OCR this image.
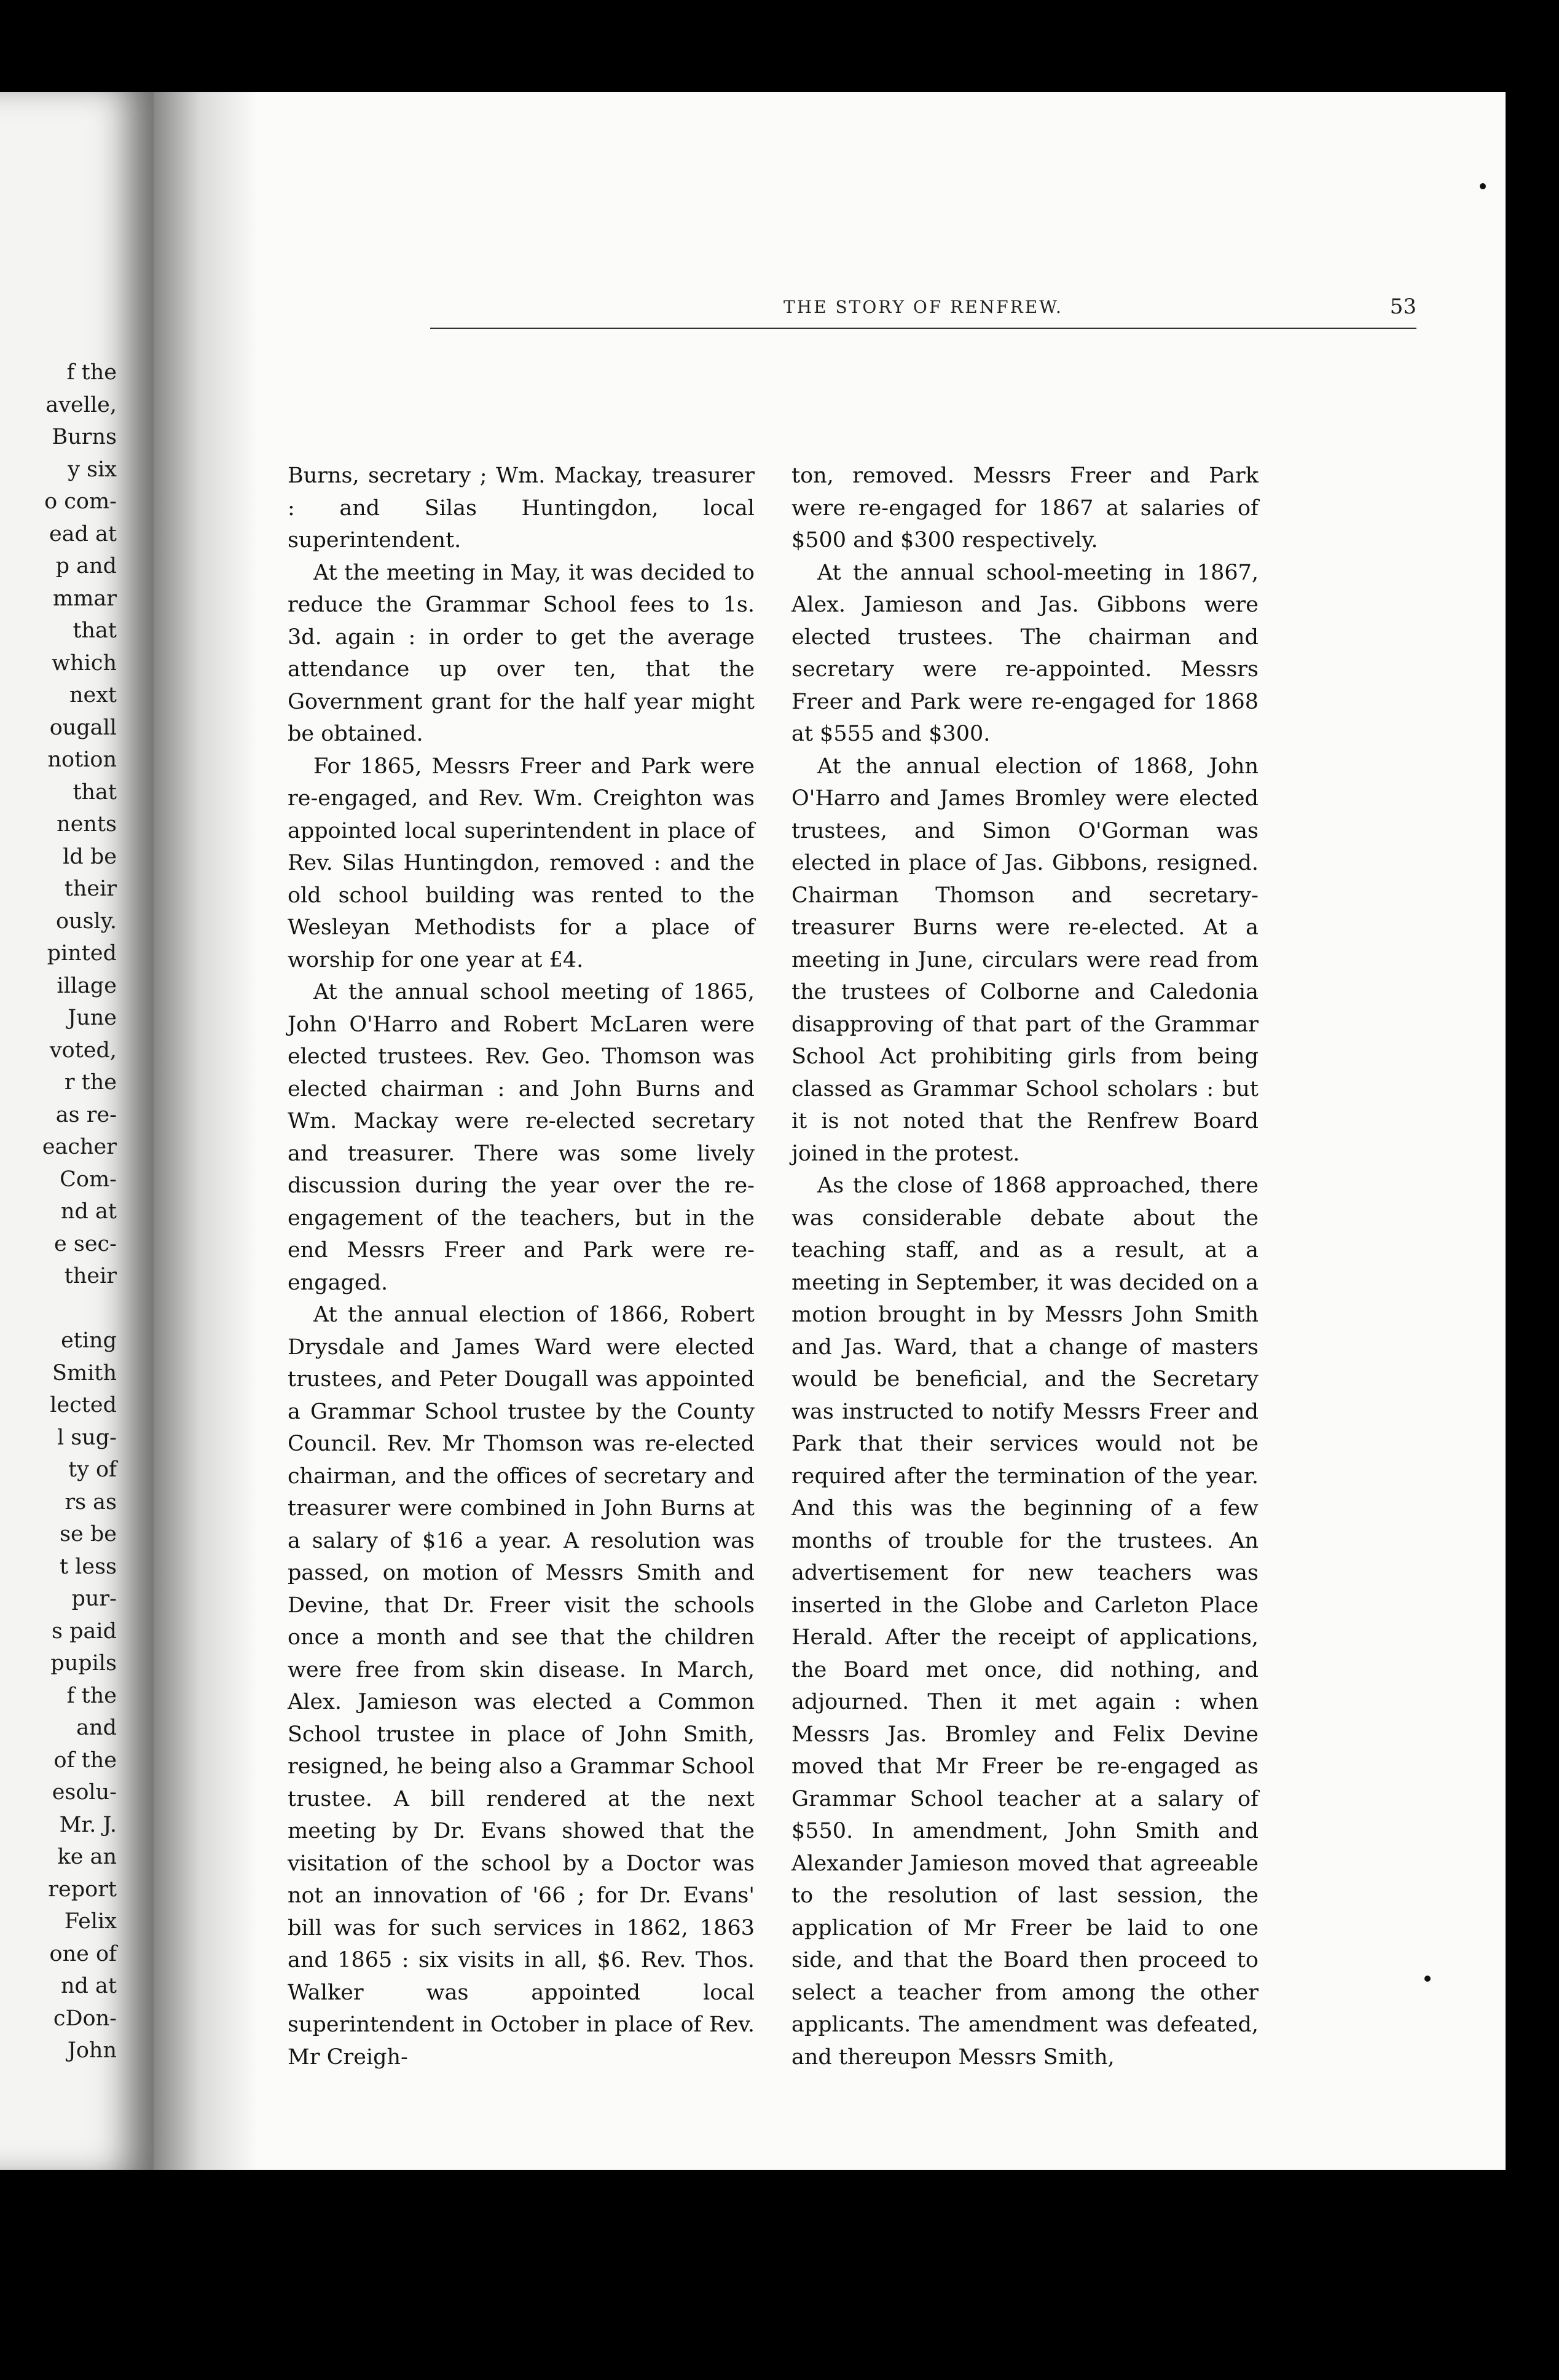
f the
avelle,
Burns
y six
o com-
ead at
p and
mmar
that
which
next
ougall
notion
that
nents
ld be
their
ously.
pinted
illage
June
voted,
r the
as re-
eacher
Com-
nd at
e sec-
their
eting
Smith
lected
l sug-
ty of
rs as
se be
t less
pur-
s paid
pupils
f the
and
of the
esolu-
Mr. J.
ke an
report
Felix
one of
nd at
cDon-
John
THE STORY OF RENFREW.	53

Burns, secretary ; Wm. Mackay, treasurer : and Silas Huntingdon, local superintendent.

At the meeting in May, it was decided to reduce the Grammar School fees to 1s. 3d. again : in order to get the average attendance up over ten, that the Government grant for the half year might be obtained.

For 1865, Messrs Freer and Park were re-engaged, and Rev. Wm. Creighton was appointed local superintendent in place of Rev. Silas Huntingdon, removed : and the old school building was rented to the Wesleyan Methodists for a place of worship for one year at £4.

At the annual school meeting of 1865, John O'Harro and Robert McLaren were elected trustees. Rev. Geo. Thomson was elected chairman : and John Burns and Wm. Mackay were re-elected secretary and treasurer. There was some lively discussion during the year over the re-engagement of the teachers, but in the end Messrs Freer and Park were re-engaged.

At the annual election of 1866, Robert Drysdale and James Ward were elected trustees, and Peter Dougall was appointed a Grammar School trustee by the County Council. Rev. Mr Thomson was re-elected chairman, and the offices of secretary and treasurer were combined in John Burns at a salary of $16 a year. A resolution was passed, on motion of Messrs Smith and Devine, that Dr. Freer visit the schools once a month and see that the children were free from skin disease. In March, Alex. Jamieson was elected a Common School trustee in place of John Smith, resigned, he being also a Grammar School trustee. A bill rendered at the next meeting by Dr. Evans showed that the visitation of the school by a Doctor was not an innovation of '66 ; for Dr. Evans' bill was for such services in 1862, 1863 and 1865 : six visits in all, $6. Rev. Thos. Walker was appointed local superintendent in October in place of Rev. Mr Creigh-

ton, removed. Messrs Freer and Park were re-engaged for 1867 at salaries of $500 and $300 respectively.

At the annual school-meeting in 1867, Alex. Jamieson and Jas. Gibbons were elected trustees. The chairman and secretary were re-appointed. Messrs Freer and Park were re-engaged for 1868 at $555 and $300.

At the annual election of 1868, John O'Harro and James Bromley were elected trustees, and Simon O'Gorman was elected in place of Jas. Gibbons, resigned. Chairman Thomson and secretary-treasurer Burns were re-elected. At a meeting in June, circulars were read from the trustees of Colborne and Caledonia disapproving of that part of the Grammar School Act prohibiting girls from being classed as Grammar School scholars : but it is not noted that the Renfrew Board joined in the protest.

As the close of 1868 approached, there was considerable debate about the teaching staff, and as a result, at a meeting in September, it was decided on a motion brought in by Messrs John Smith and Jas. Ward, that a change of masters would be beneficial, and the Secretary was instructed to notify Messrs Freer and Park that their services would not be required after the termination of the year. And this was the beginning of a few months of trouble for the trustees. An advertisement for new teachers was inserted in the Globe and Carleton Place Herald. After the receipt of applications, the Board met once, did nothing, and adjourned. Then it met again : when Messrs Jas. Bromley and Felix Devine moved that Mr Freer be re-engaged as Grammar School teacher at a salary of $550. In amendment, John Smith and Alexander Jamieson moved that agreeable to the resolution of last session, the application of Mr Freer be laid to one side, and that the Board then proceed to select a teacher from among the other applicants. The amendment was defeated, and thereupon Messrs Smith,
